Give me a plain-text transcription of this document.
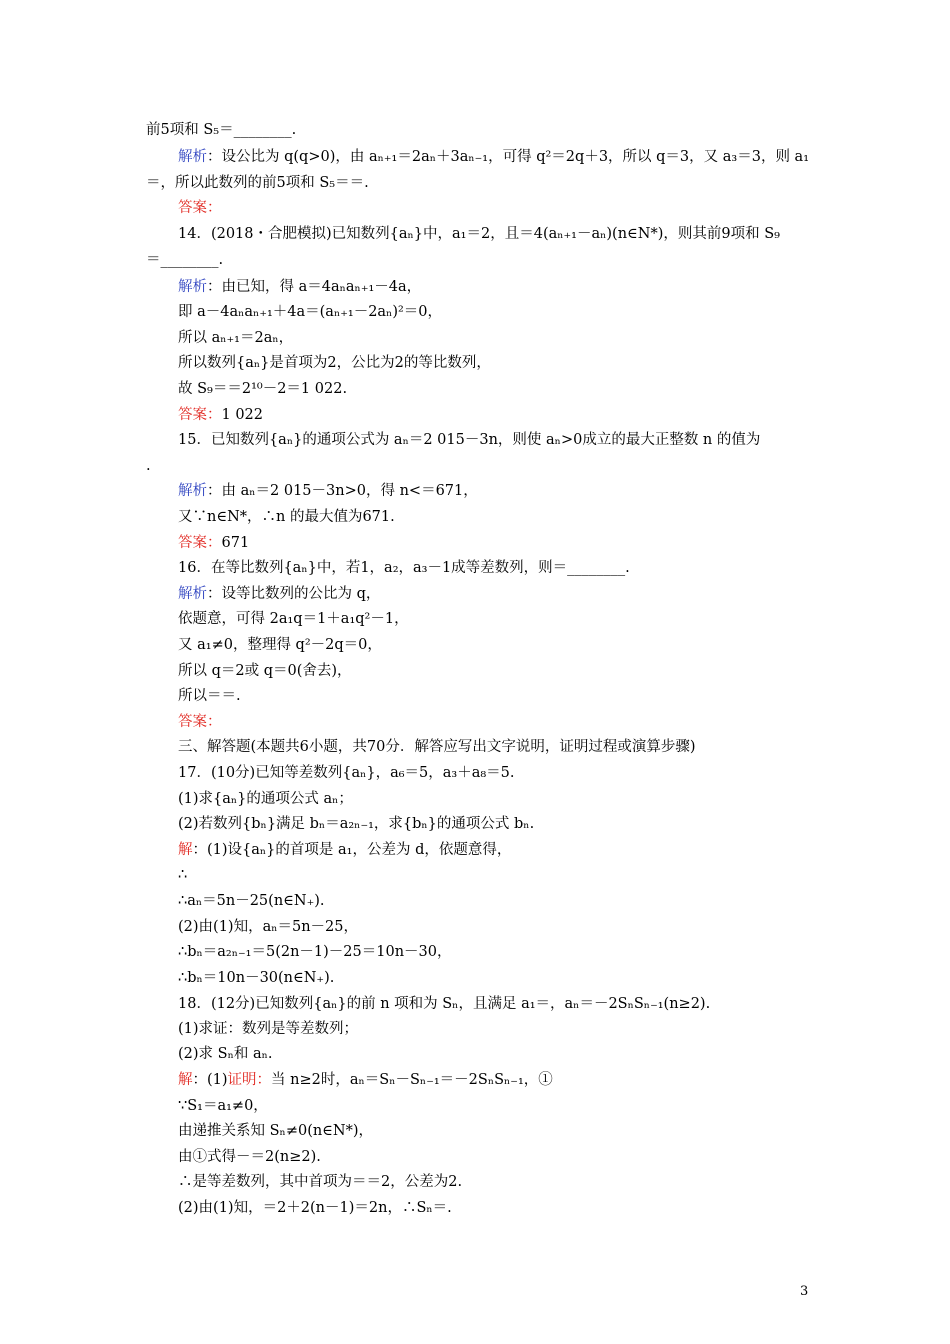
前5项和 S₅＝________.
解析：设公比为 q(q>0)，由 aₙ₊₁＝2aₙ＋3aₙ₋₁，可得 q²＝2q＋3，所以 q＝3，又 a₃＝3，则 a₁
＝，所以此数列的前5项和 S₅＝＝.
答案：
14．(2018・合肥模拟)已知数列{aₙ}中，a₁＝2，且＝4(aₙ₊₁－aₙ)(n∈N*)，则其前9项和 S₉
＝________.
解析：由已知，得 a＝4aₙaₙ₊₁－4a，
即 a－4aₙaₙ₊₁＋4a＝(aₙ₊₁－2aₙ)²＝0，
所以 aₙ₊₁＝2aₙ，
所以数列{aₙ}是首项为2，公比为2的等比数列，
故 S₉＝＝2¹⁰－2＝1 022.
答案：1 022
15．已知数列{aₙ}的通项公式为 aₙ＝2 015－3n，则使 aₙ>0成立的最大正整数 n 的值为
.
解析：由 aₙ＝2 015－3n>0，得 n<＝671，
又∵n∈N*，∴n 的最大值为671.
答案：671
16．在等比数列{aₙ}中，若1，a₂，a₃－1成等差数列，则＝________.
解析：设等比数列的公比为 q，
依题意，可得 2a₁q＝1＋a₁q²－1，
又 a₁≠0，整理得 q²－2q＝0，
所以 q＝2或 q＝0(舍去)，
所以＝＝.
答案：
三、解答题(本题共6小题，共70分．解答应写出文字说明，证明过程或演算步骤)
17．(10分)已知等差数列{aₙ}，a₆＝5，a₃＋a₈＝5.
(1)求{aₙ}的通项公式 aₙ；
(2)若数列{bₙ}满足 bₙ＝a₂ₙ₋₁，求{bₙ}的通项公式 bₙ.
解：(1)设{aₙ}的首项是 a₁，公差为 d，依题意得，
∴
∴aₙ＝5n－25(n∈N₊).
(2)由(1)知，aₙ＝5n－25，
∴bₙ＝a₂ₙ₋₁＝5(2n－1)－25＝10n－30，
∴bₙ＝10n－30(n∈N₊).
18．(12分)已知数列{aₙ}的前 n 项和为 Sₙ，且满足 a₁＝，aₙ＝－2SₙSₙ₋₁(n≥2).
(1)求证：数列是等差数列；
(2)求 Sₙ和 aₙ.
解：(1)证明：当 n≥2时，aₙ＝Sₙ－Sₙ₋₁＝－2SₙSₙ₋₁，①
∵S₁＝a₁≠0，
由递推关系知 Sₙ≠0(n∈N*)，
由①式得－＝2(n≥2).
∴是等差数列，其中首项为＝＝2，公差为2.
(2)由(1)知，＝2＋2(n－1)＝2n，∴Sₙ＝.
3
